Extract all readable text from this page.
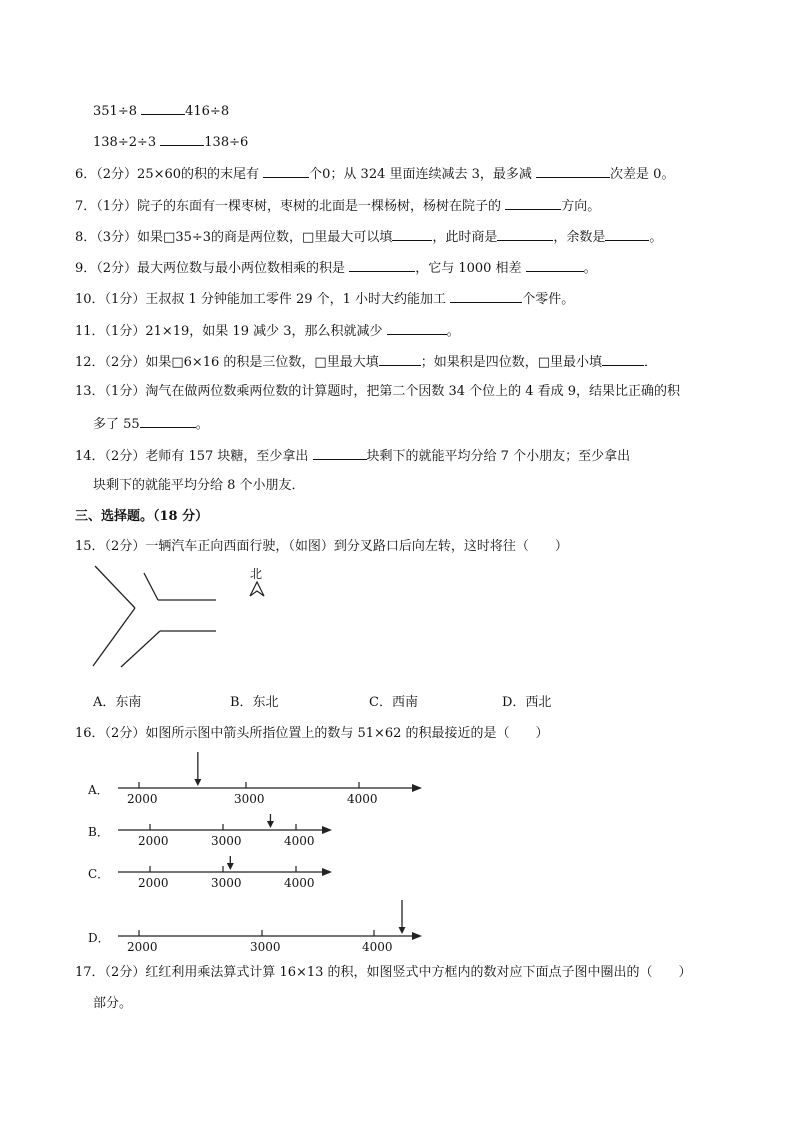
351÷8	416÷8
138÷2÷3	138÷6
6．（2分）25×60的积的末尾有	个0；从 324 里面连续减去 3，最多减	次差是 0。
7．（1分）院子的东面有一棵枣树，枣树的北面是一棵杨树，杨树在院子的	方向。
8．（3分）如果□35÷3的商是两位数，□里最大可以填	，此时商是	，余数是	。
9．（2分）最大两位数与最小两位数相乘的积是	，它与 1000 相差	。
10．（1分）王叔叔 1 分钟能加工零件 29 个，1 小时大约能加工	个零件。
11．（1分）21×19，如果 19 减少 3，那么积就减少	。
12．（2分）如果□6×16 的积是三位数，□里最大填	；如果积是四位数，□里最小填	．
13．（1分）淘气在做两位数乘两位数的计算题时，把第二个因数 34 个位上的 4 看成 9，结果比正确的积
多了 55	。
14．（2分）老师有 157 块糖，至少拿出	块剩下的就能平均分给 7 个小朋友；至少拿出
块剩下的就能平均分给 8 个小朋友．
三、选择题。（18 分）
15．（2分）一辆汽车正向西面行驶，（如图）到分叉路口后向左转，这时将往（　　）
北
A．东南	B．东北	C．西南	D．西北
16．（2分）如图所示图中箭头所指位置上的数与 51×62 的积最接近的是（　　）
A．
2000	3000	4000
B．
2000	3000	4000
C．
2000	3000	4000
D．
2000	3000	4000
17．（2分）红红利用乘法算式计算 16×13 的积，如图竖式中方框内的数对应下面点子图中圈出的（　　）
部分。
